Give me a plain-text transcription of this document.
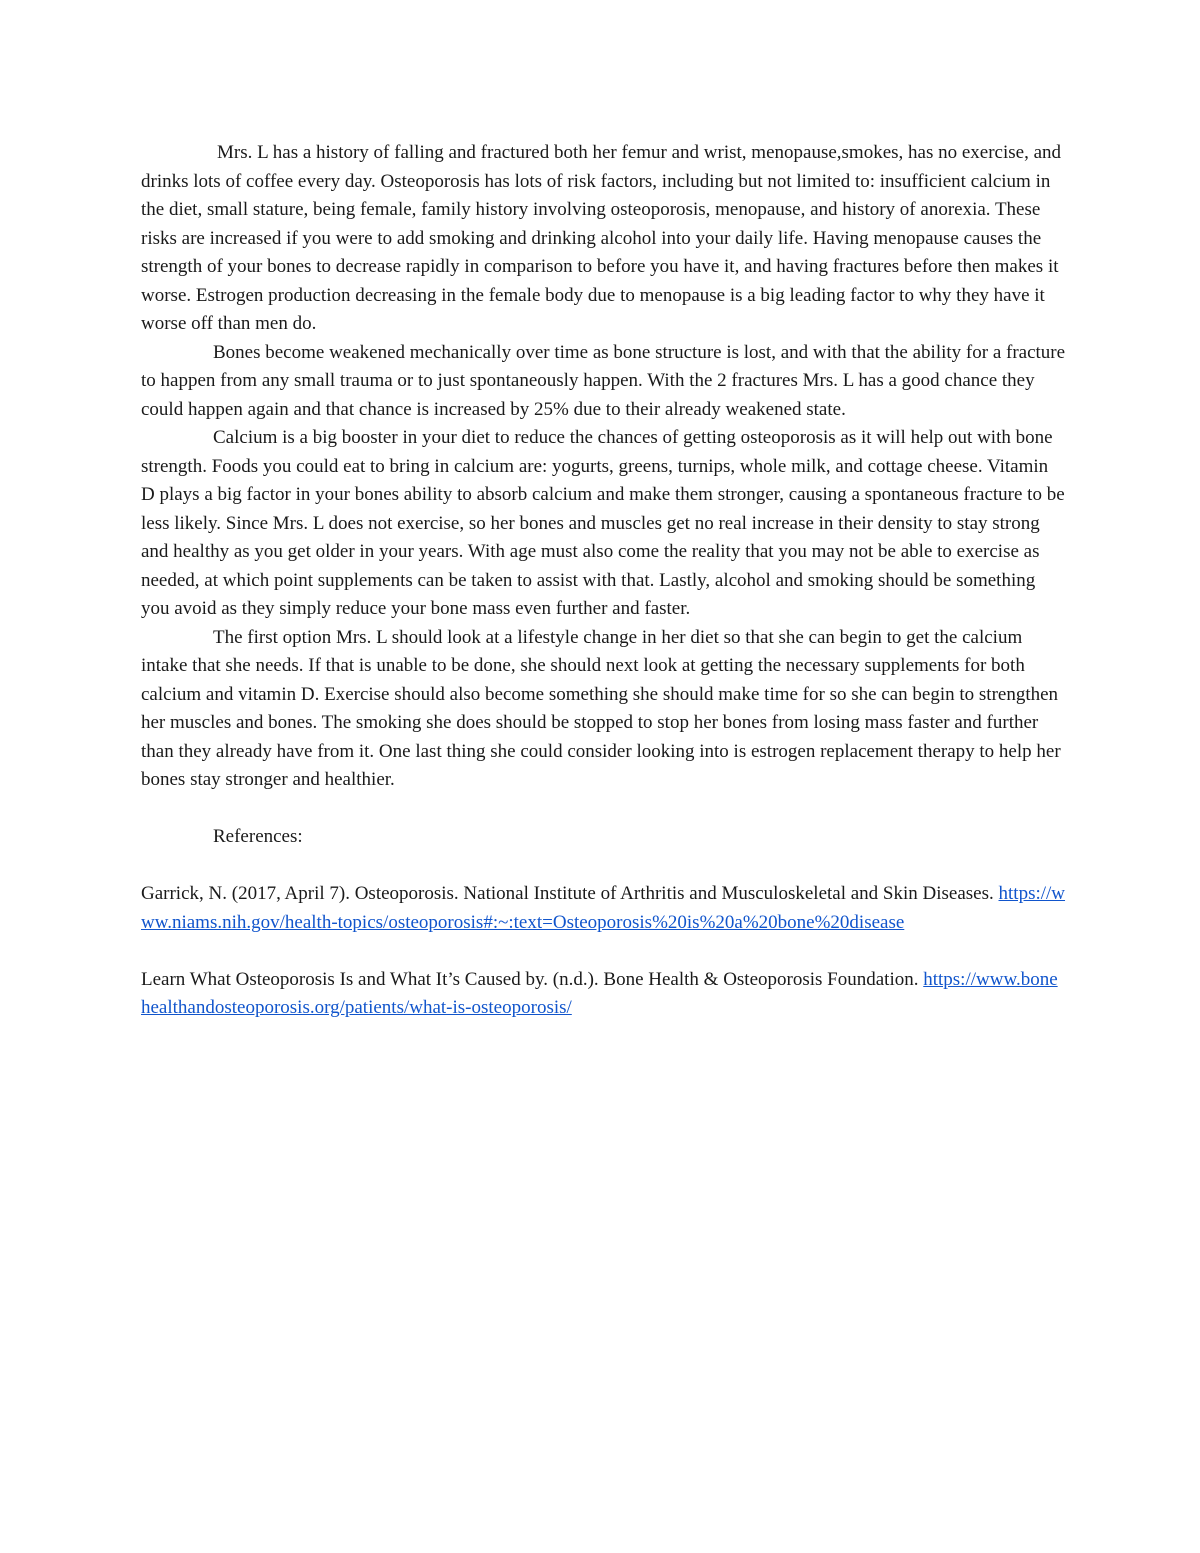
Mrs. L has a history of falling and fractured both her femur and wrist, menopause,smokes, has no exercise, and drinks lots of coffee every day. Osteoporosis has lots of risk factors, including but not limited to: insufficient calcium in the diet, small stature, being female, family history involving osteoporosis, menopause, and history of anorexia. These risks are increased if you were to add smoking and drinking alcohol into your daily life. Having menopause causes the strength of your bones to decrease rapidly in comparison to before you have it, and having fractures before then makes it worse. Estrogen production decreasing in the female body due to menopause is a big leading factor to why they have it worse off than men do.

Bones become weakened mechanically over time as bone structure is lost, and with that the ability for a fracture to happen from any small trauma or to just spontaneously happen. With the 2 fractures Mrs. L has a good chance they could happen again and that chance is increased by 25% due to their already weakened state.

Calcium is a big booster in your diet to reduce the chances of getting osteoporosis as it will help out with bone strength. Foods you could eat to bring in calcium are: yogurts, greens, turnips, whole milk, and cottage cheese. Vitamin D plays a big factor in your bones ability to absorb calcium and make them stronger, causing a spontaneous fracture to be less likely. Since Mrs. L does not exercise, so her bones and muscles get no real increase in their density to stay strong and healthy as you get older in your years. With age must also come the reality that you may not be able to exercise as needed, at which point supplements can be taken to assist with that. Lastly, alcohol and smoking should be something you avoid as they simply reduce your bone mass even further and faster.

The first option Mrs. L should look at a lifestyle change in her diet so that she can begin to get the calcium intake that she needs. If that is unable to be done, she should next look at getting the necessary supplements for both calcium and vitamin D. Exercise should also become something she should make time for so she can begin to strengthen her muscles and bones. The smoking she does should be stopped to stop her bones from losing mass faster and further than they already have from it. One last thing she could consider looking into is estrogen replacement therapy to help her bones stay stronger and healthier.

References:

Garrick, N. (2017, April 7). Osteoporosis. National Institute of Arthritis and Musculoskeletal and Skin Diseases. https://www.niams.nih.gov/health-topics/osteoporosis#:~:text=Osteoporosis%20is%20a%20bone%20disease

Learn What Osteoporosis Is and What It’s Caused by. (n.d.). Bone Health & Osteoporosis Foundation. https://www.bonehealthandosteoporosis.org/patients/what-is-osteoporosis/
